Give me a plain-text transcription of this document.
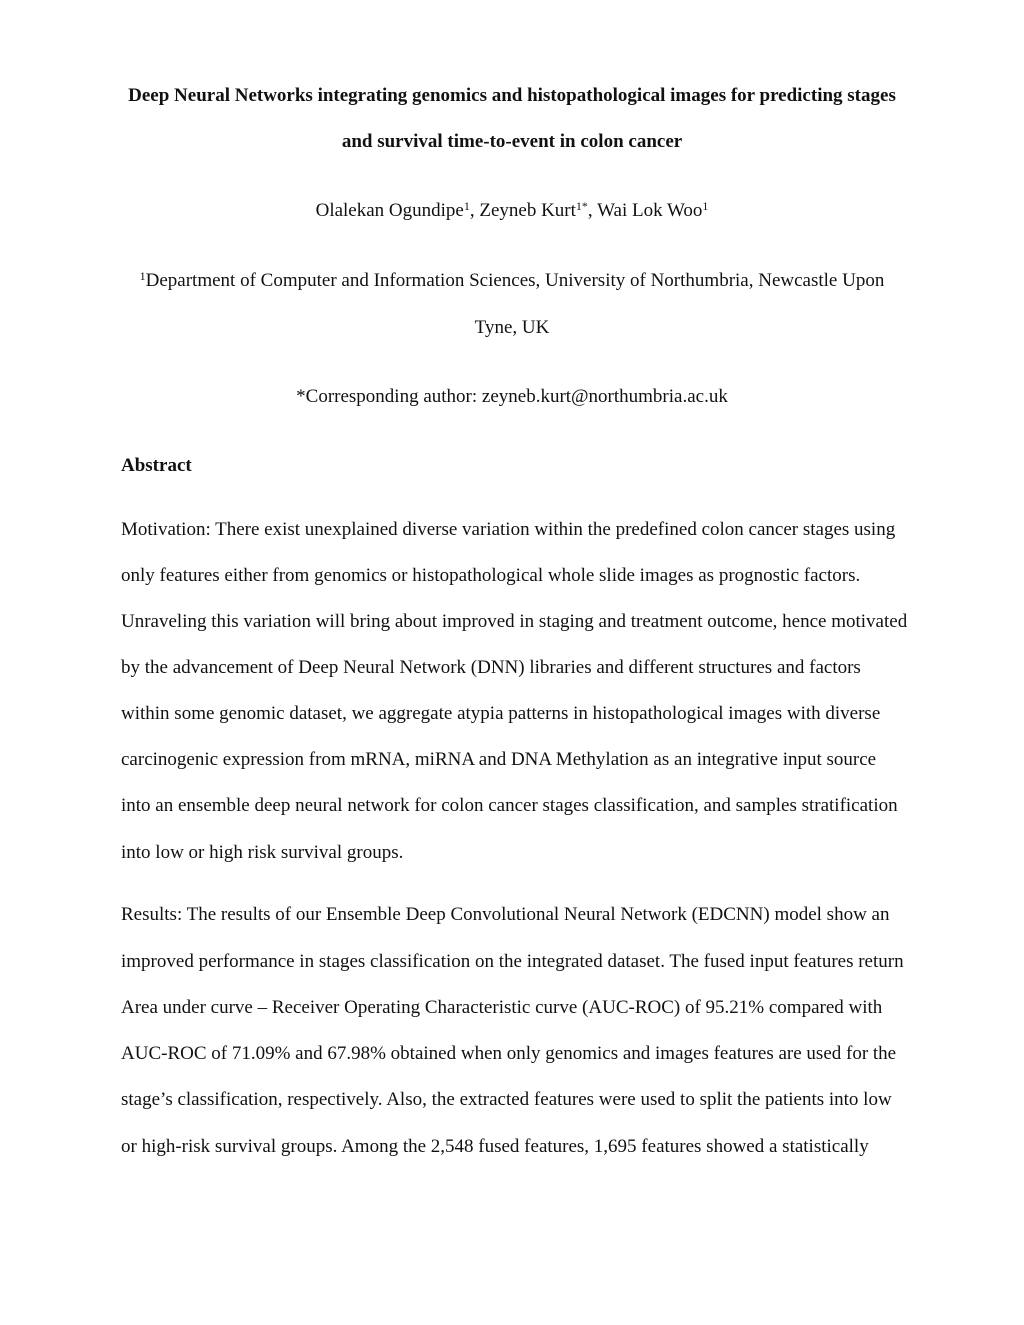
Deep Neural Networks integrating genomics and histopathological images for predicting stages
and survival time-to-event in colon cancer
Olalekan Ogundipe$^1$, Zeyneb Kurt$^{1*}$, Wai Lok Woo$^1$
$^1$Department of Computer and Information Sciences, University of Northumbria, Newcastle Upon
Tyne, UK
*Corresponding author: zeyneb.kurt@northumbria.ac.uk
Abstract
Motivation: There exist unexplained diverse variation within the predefined colon cancer stages using
only features either from genomics or histopathological whole slide images as prognostic factors.
Unraveling this variation will bring about improved in staging and treatment outcome, hence motivated
by the advancement of Deep Neural Network (DNN) libraries and different structures and factors
within some genomic dataset, we aggregate atypia patterns in histopathological images with diverse
carcinogenic expression from mRNA, miRNA and DNA Methylation as an integrative input source
into an ensemble deep neural network for colon cancer stages classification, and samples stratification
into low or high risk survival groups.
Results: The results of our Ensemble Deep Convolutional Neural Network (EDCNN) model show an
improved performance in stages classification on the integrated dataset. The fused input features return
Area under curve – Receiver Operating Characteristic curve (AUC-ROC) of 95.21% compared with
AUC-ROC of 71.09% and 67.98% obtained when only genomics and images features are used for the
stage’s classification, respectively. Also, the extracted features were used to split the patients into low
or high-risk survival groups. Among the 2,548 fused features, 1,695 features showed a statistically
